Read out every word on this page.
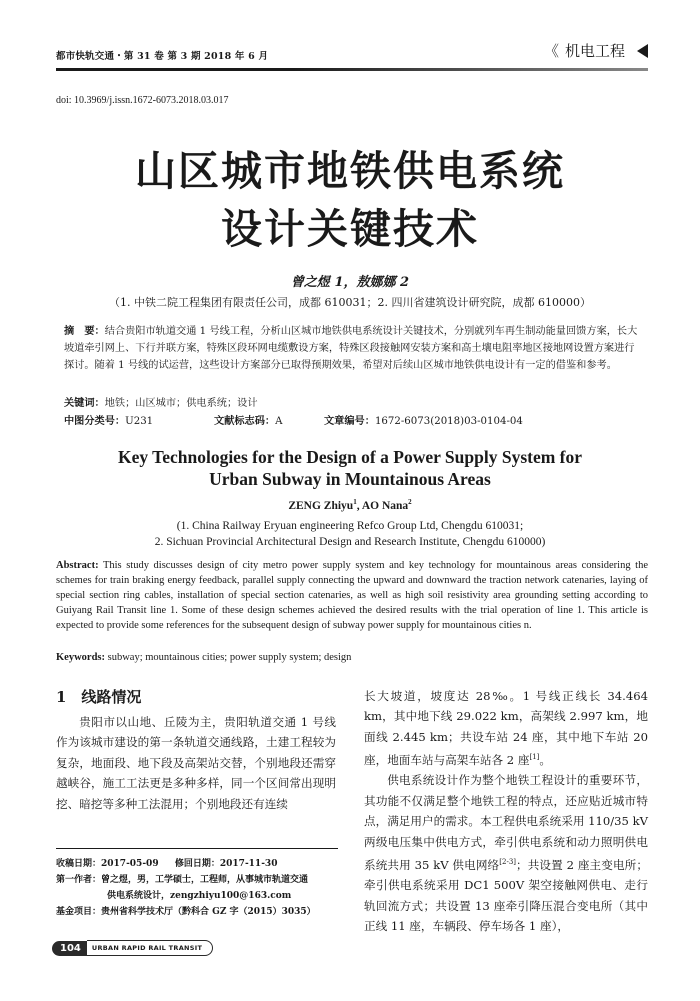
都市快轨交通・第 31 卷 第 3 期 2018 年 6 月	《 机电工程
doi: 10.3969/j.issn.1672-6073.2018.03.017
山区城市地铁供电系统
设计关键技术
曾之煜 1，敖娜娜 2
（1. 中铁二院工程集团有限责任公司，成都 610031；2. 四川省建筑设计研究院，成都 610000）
摘　要：结合贵阳市轨道交通 1 号线工程，分析山区城市地铁供电系统设计关键技术，分别就列车再生制动能量回馈方案，长大坡道牵引网上、下行并联方案，特殊区段环网电缆敷设方案，特殊区段接触网安装方案和高土壤电阻率地区接地网设置方案进行探讨。随着 1 号线的试运营，这些设计方案部分已取得预期效果，希望对后续山区城市地铁供电设计有一定的借鉴和参考。
关键词：地铁；山区城市；供电系统；设计
中图分类号：U231	文献标志码：A	文章编号：1672-6073(2018)03-0104-04
Key Technologies for the Design of a Power Supply System for
Urban Subway in Mountainous Areas
ZENG Zhiyu$^1$, AO Nana$^2$
(1. China Railway Eryuan engineering Refco Group Ltd, Chengdu 610031;
2. Sichuan Provincial Architectural Design and Research Institute, Chengdu 610000)
Abstract: This study discusses design of city metro power supply system and key technology for mountainous areas considering the schemes for train braking energy feedback, parallel supply connecting the upward and downward the traction network catenaries, laying of special section ring cables, installation of special section catenaries, as well as high soil resistivity area grounding setting according to Guiyang Rail Transit line 1. Some of these design schemes achieved the desired results with the trial operation of line 1. This article is expected to provide some references for the subsequent design of subway power supply for mountainous cities n.
Keywords: subway; mountainous cities; power supply system; design
1　线路情况
贵阳市以山地、丘陵为主，贵阳轨道交通 1 号线作为该城市建设的第一条轨道交通线路，土建工程较为复杂，地面段、地下段及高架站交替，个别地段还需穿越峡谷，施工工法更是多种多样，同一个区间常出现明挖、暗挖等多种工法混用；个别地段还有连续

长大坡道，坡度达 28‰。1 号线正线长 34.464 km，其中地下线 29.022 km，高架线 2.997 km，地面线 2.445 km；共设车站 24 座，其中地下车站 20 座，地面车站与高架车站各 2 座[1]。

供电系统设计作为整个地铁工程设计的重要环节，其功能不仅满足整个地铁工程的特点，还应贴近城市特点，满足用户的需求。本工程供电系统采用 110/35 kV 两级电压集中供电方式，牵引供电系统和动力照明供电系统共用 35 kV 供电网络[2-3]；共设置 2 座主变电所；牵引供电系统采用 DC1 500V 架空接触网供电、走行轨回流方式；共设置 13 座牵引降压混合变电所（其中正线 11 座，车辆段、停车场各 1 座），

收稿日期：2017-05-09 修回日期：2017-11-30
第一作者：曾之煜，男，工学硕士，工程师，从事城市轨道交通
供电系统设计，zengzhiyu100@163.com
基金项目：贵州省科学技术厅（黔科合 GZ 字（2015）3035）
104	URBAN RAPID RAIL TRANSIT
